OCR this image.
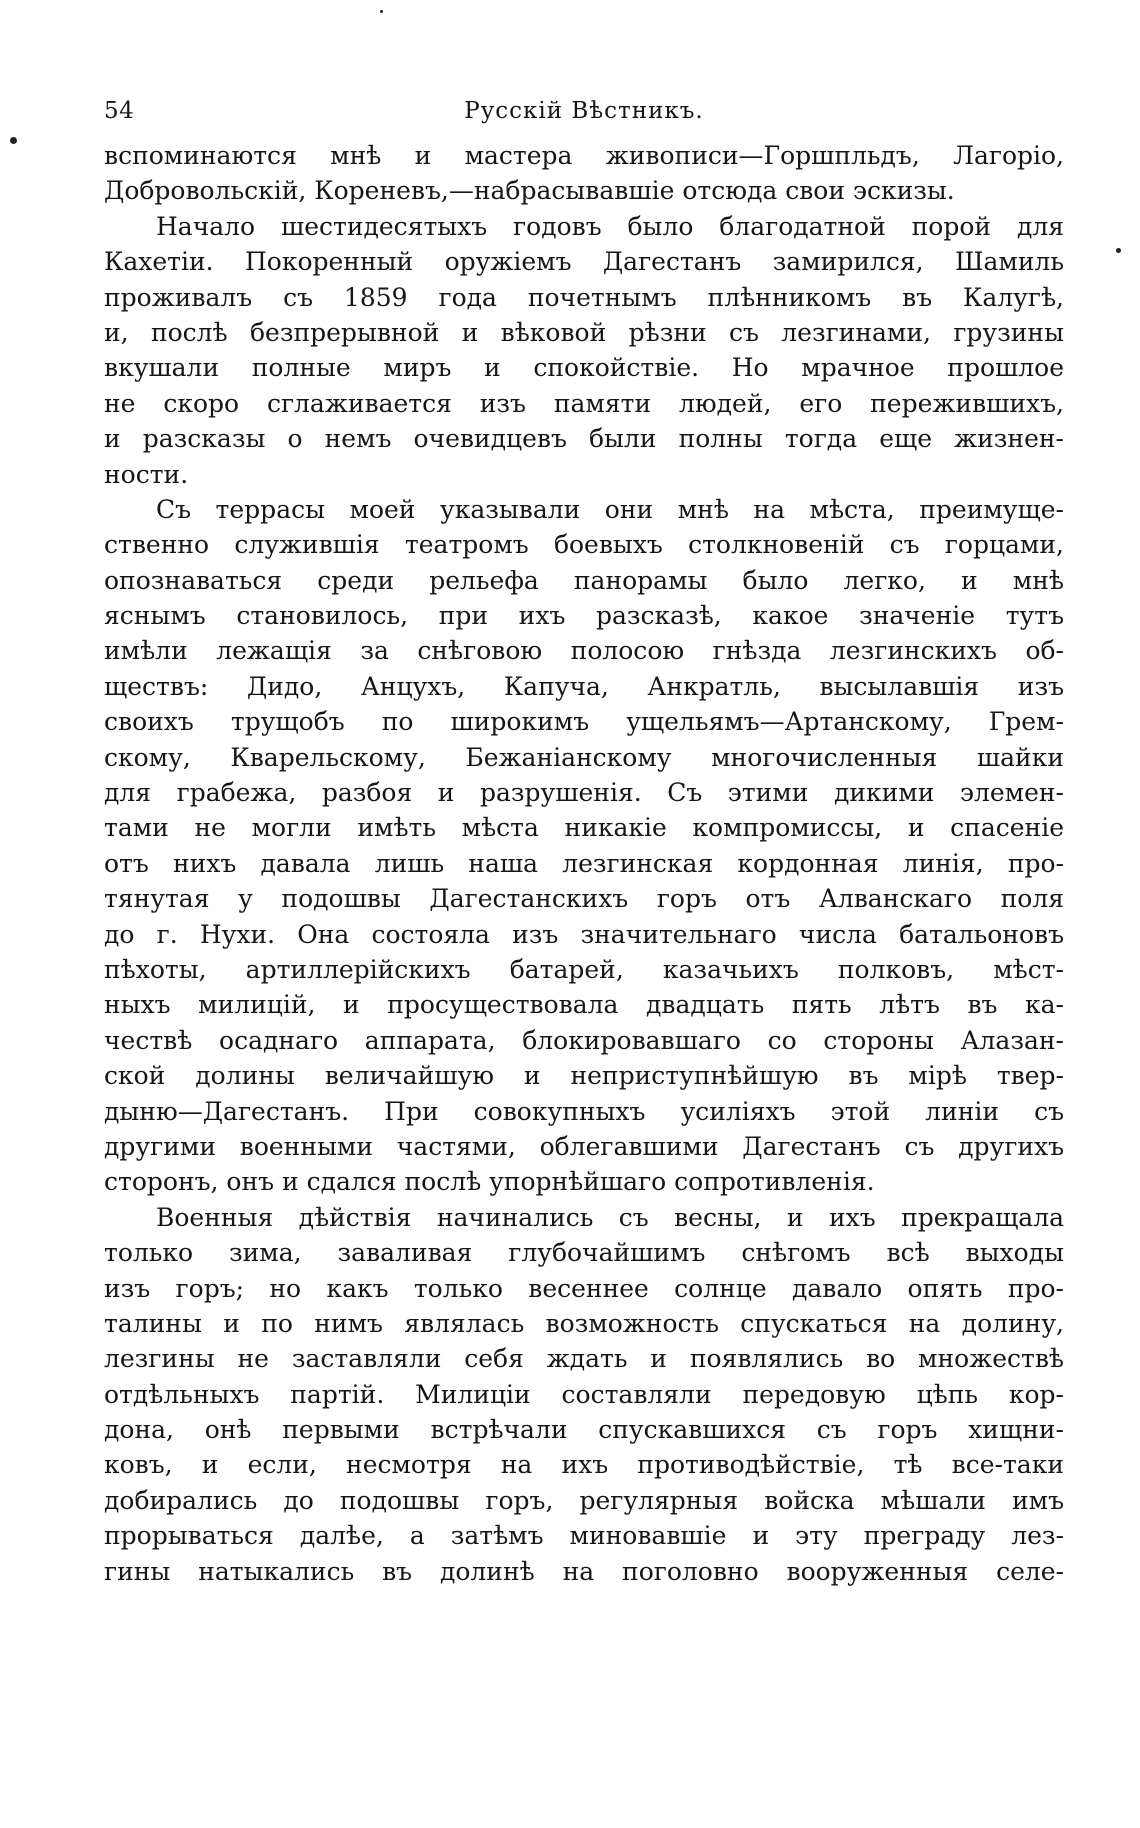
54	Русскій Вѣстникъ.
вспоминаются мнѣ и мастера живописи—Горшпльдъ, Лагоріо,
Добровольскій, Кореневъ,—набрасывавшіе отсюда свои эскизы.
Начало шестидесятыхъ годовъ было благодатной порой для
Кахетіи. Покоренный оружіемъ Дагестанъ замирился, Шамиль
проживалъ съ 1859 года почетнымъ плѣнникомъ въ Калугѣ,
и, послѣ безпрерывной и вѣковой рѣзни съ лезгинами, грузины
вкушали полные миръ и спокойствіе. Но мрачное прошлое
не скоро сглаживается изъ памяти людей, его пережившихъ,
и разсказы о немъ очевидцевъ были полны тогда еще жизнен-
ности.
Съ террасы моей указывали они мнѣ на мѣста, преимуще-
ственно служившія театромъ боевыхъ столкновеній съ горцами,
опознаваться среди рельефа панорамы было легко, и мнѣ
яснымъ становилось, при ихъ разсказѣ, какое значеніе тутъ
имѣли лежащія за снѣговою полосою гнѣзда лезгинскихъ об-
ществъ: Дидо, Анцухъ, Капуча, Анкратль, высылавшія изъ
своихъ трущобъ по широкимъ ущельямъ—Артанскому, Грем-
скому, Кварельскому, Бежаніанскому многочисленныя шайки
для грабежа, разбоя и разрушенія. Съ этими дикими элемен-
тами не могли имѣть мѣста никакіе компромиссы, и спасеніе
отъ нихъ давала лишь наша лезгинская кордонная линія, про-
тянутая у подошвы Дагестанскихъ горъ отъ Алванскаго поля
до г. Нухи. Она состояла изъ значительнаго числа батальоновъ
пѣхоты, артиллерійскихъ батарей, казачьихъ полковъ, мѣст-
ныхъ милицій, и просуществовала двадцать пять лѣтъ въ ка-
чествѣ осаднаго аппарата, блокировавшаго со стороны Алазан-
ской долины величайшую и неприступнѣйшую въ мірѣ твер-
дыню—Дагестанъ. При совокупныхъ усиліяхъ этой линіи съ
другими военными частями, облегавшими Дагестанъ съ другихъ
сторонъ, онъ и сдался послѣ упорнѣйшаго сопротивленія.
Военныя дѣйствія начинались съ весны, и ихъ прекращала
только зима, заваливая глубочайшимъ снѣгомъ всѣ выходы
изъ горъ; но какъ только весеннее солнце давало опять про-
талины и по нимъ являлась возможность спускаться на долину,
лезгины не заставляли себя ждать и появлялись во множествѣ
отдѣльныхъ партій. Милиціи составляли передовую цѣпь кор-
дона, онѣ первыми встрѣчали спускавшихся съ горъ хищни-
ковъ, и если, несмотря на ихъ противодѣйствіе, тѣ все-таки
добирались до подошвы горъ, регулярныя войска мѣшали имъ
прорываться далѣе, а затѣмъ миновавшіе и эту преграду лез-
гины натыкались въ долинѣ на поголовно вооруженныя селе-
